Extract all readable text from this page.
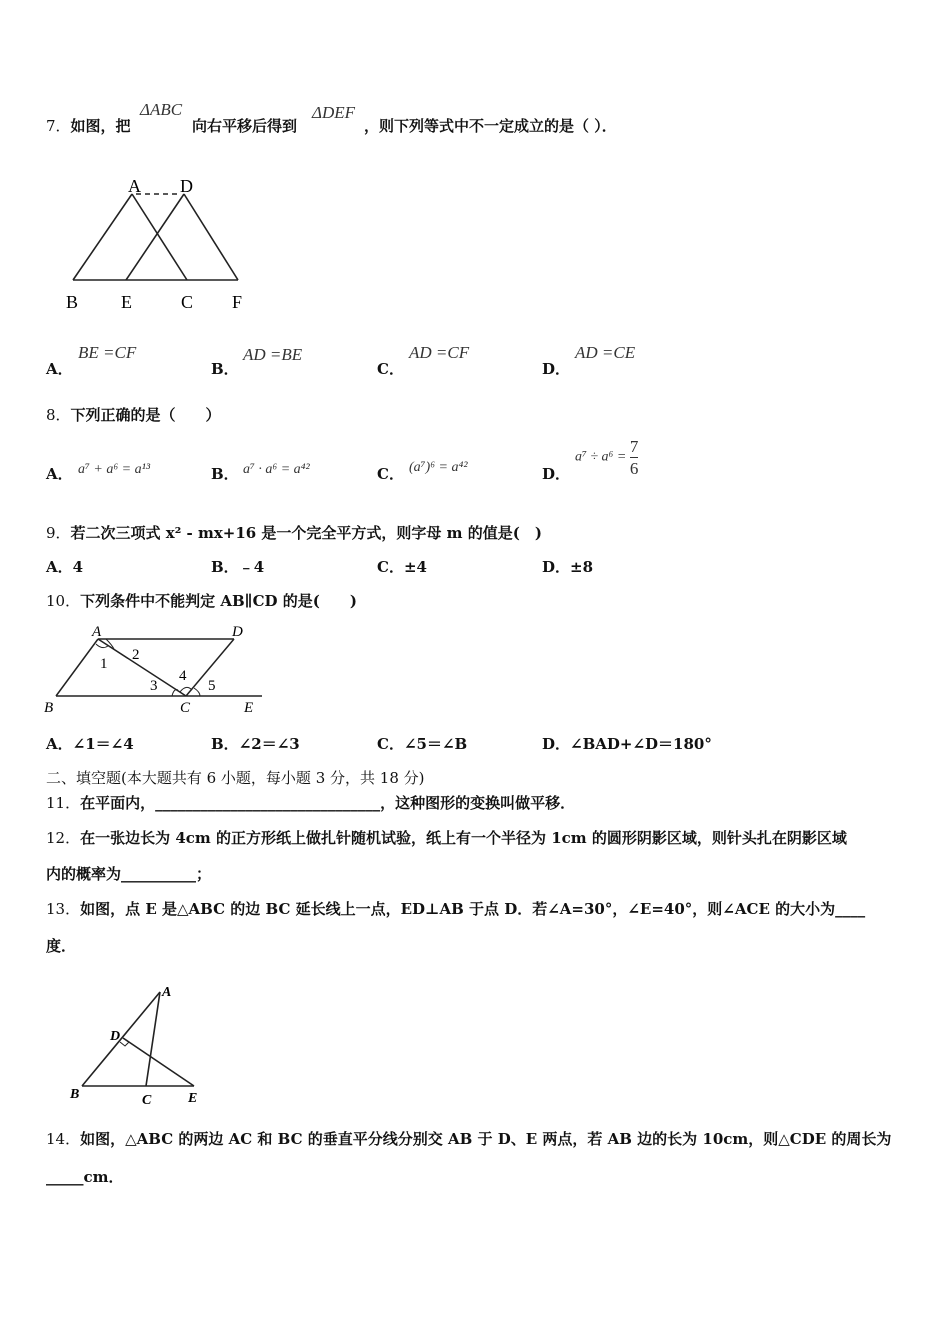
7．如图，把
ΔABC
向右平移后得到
ΔDEF
，则下列等式中不一定成立的是（ ）．
A D
B E	C F
A．
BE =CF
B．
AD =BE
C．
AD =CF
D．
AD =CE
8．下列正确的是（　　）
A． a⁷ + a⁶ = a¹³	B． a⁷ · a⁶ = a⁴²	C． (a⁷)⁶ = a⁴²	D．
$a^7 \div a^6 = \frac{7}{6}$
9．若二次三项式 x² - mx+16 是一个完全平方式，则字母 m 的值是(　)
A．4	B．﹣4	C．±4	D．±8
10．下列条件中不能判定 AB∥CD 的是(　　)
A	D
B	C	E
1
2
3
4
5
A．∠1＝∠4	B．∠2＝∠3	C．∠5＝∠B	D．∠BAD+∠D＝180°
二、填空题(本大题共有 6 小题，每小题 3 分，共 18 分)
11．在平面内，______________________________，这种图形的变换叫做平移．
12．在一张边长为 4cm 的正方形纸上做扎针随机试验，纸上有一个半径为 1cm 的圆形阴影区域，则针头扎在阴影区域
内的概率为__________；
13．如图，点 E 是△ABC 的边 BC 延长线上一点，ED⊥AB 于点 D．若∠A=30°，∠E=40°，则∠ACE 的大小为____
度．
A
D
B	C	E
14．如图，△ABC 的两边 AC 和 BC 的垂直平分线分别交 AB 于 D、E 两点，若 AB 边的长为 10cm，则△CDE 的周长为
_____cm．
